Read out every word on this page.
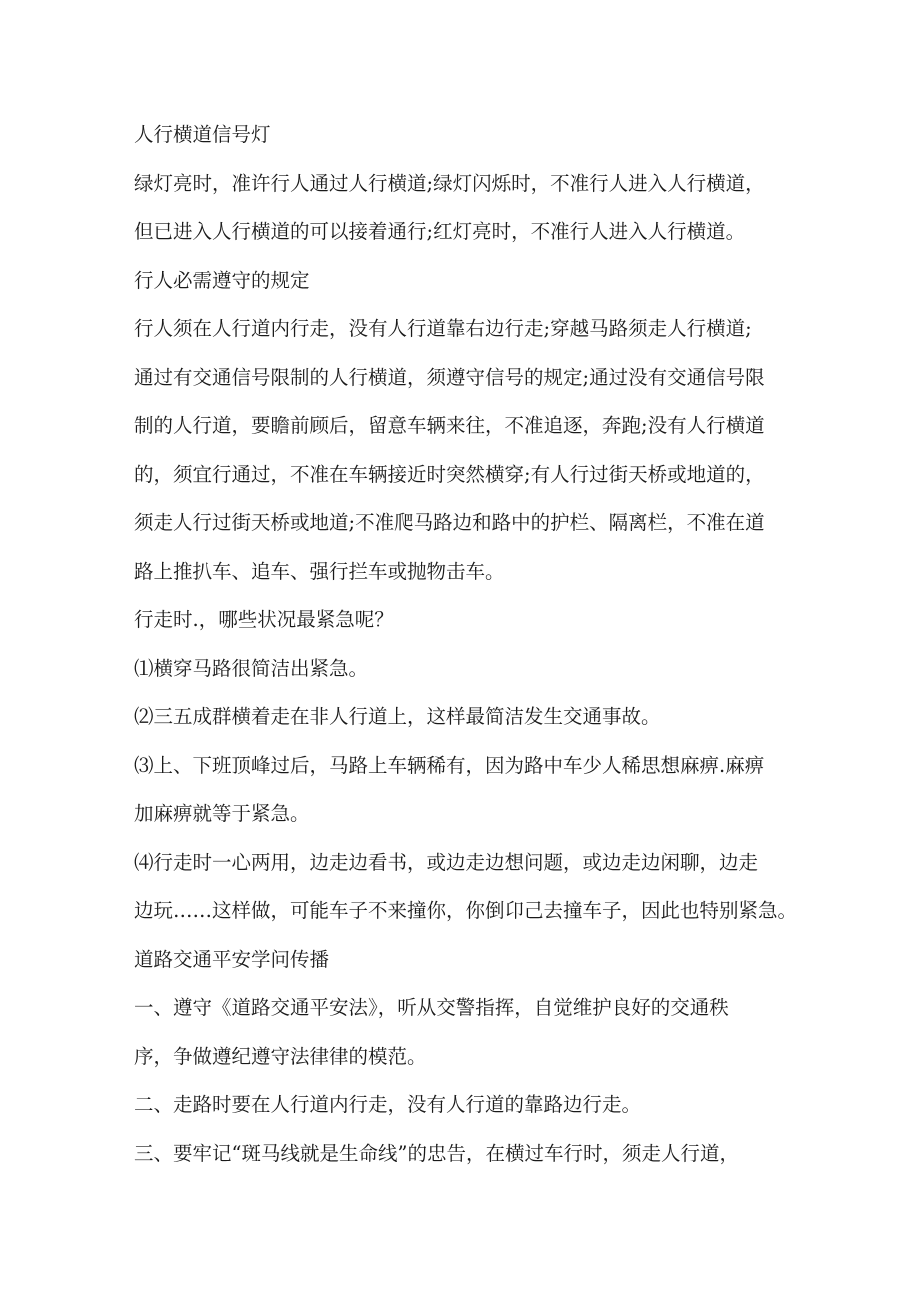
人行横道信号灯
绿灯亮时，准许行人通过人行横道;绿灯闪烁时，不准行人进入人行横道，
但已进入人行横道的可以接着通行;红灯亮时，不准行人进入人行横道。
行人必需遵守的规定
行人须在人行道内行走，没有人行道靠右边行走;穿越马路须走人行横道;
通过有交通信号限制的人行横道，须遵守信号的规定;通过没有交通信号限
制的人行道，要瞻前顾后，留意车辆来往，不准追逐，奔跑;没有人行横道
的，须宜行通过，不准在车辆接近时突然横穿;有人行过街天桥或地道的，
须走人行过街天桥或地道;不准爬马路边和路中的护栏、隔离栏，不准在道
路上推扒车、追车、强行拦车或抛物击车。
行走时.，哪些状况最紧急呢？
⑴横穿马路很简洁出紧急。
⑵三五成群横着走在非人行道上，这样最简洁发生交通事故。
⑶上、下班顶峰过后，马路上车辆稀有，因为路中车少人稀思想麻痹.麻痹
加麻痹就等于紧急。
⑷行走时一心两用，边走边看书，或边走边想问题，或边走边闲聊，边走
边玩……这样做，可能车子不来撞你，你倒卬己去撞车子，因此也特别紧急。
道路交通平安学问传播
一、遵守《道路交通平安法》，听从交警指挥，自觉维护良好的交通秩
序，争做遵纪遵守法律律的模范。
二、走路时要在人行道内行走，没有人行道的靠路边行走。
三、要牢记“斑马线就是生命线”的忠告，在横过车行时，须走人行道，
